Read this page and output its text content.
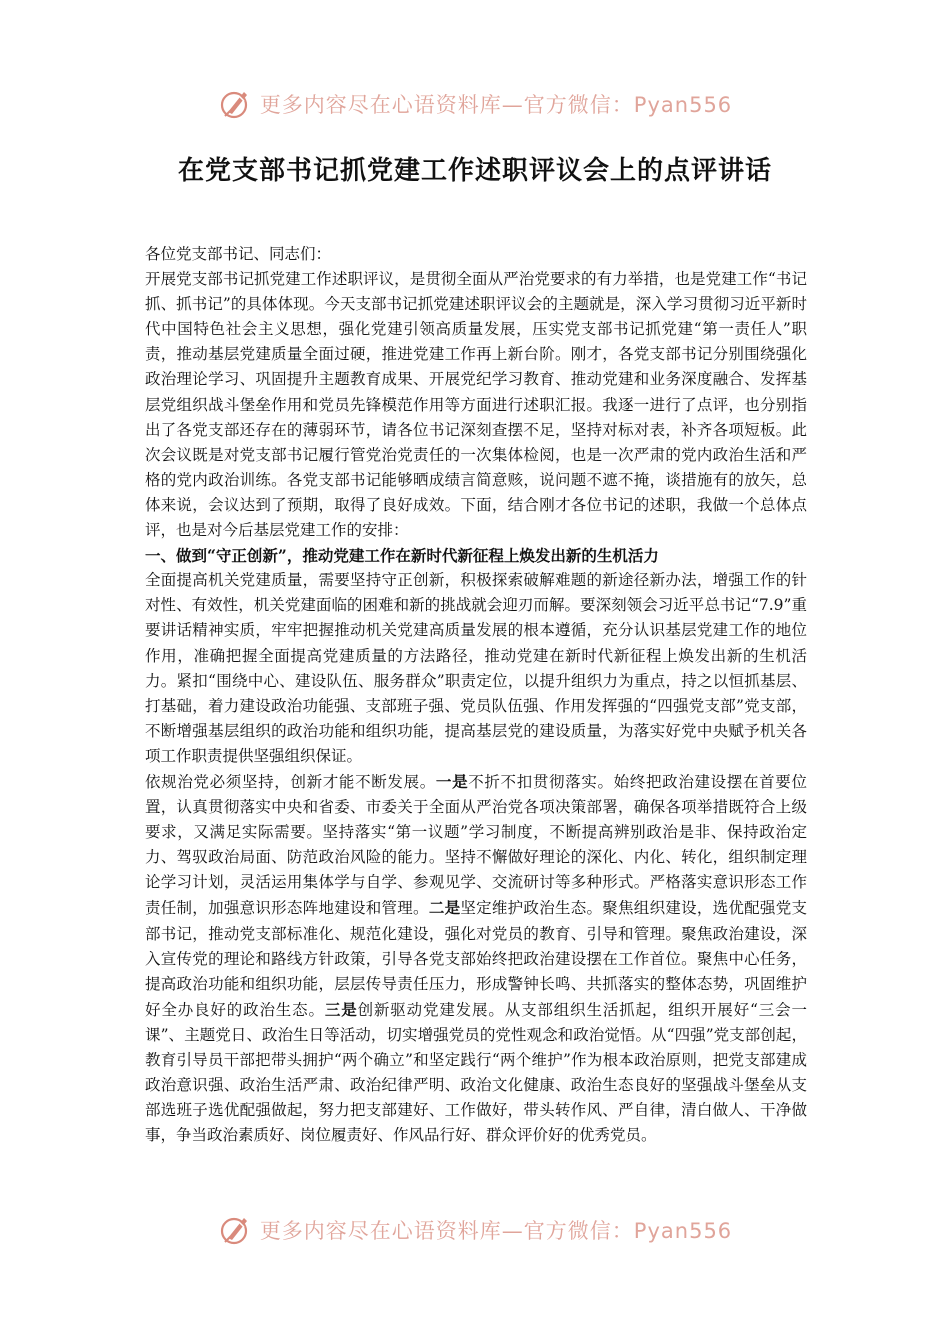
更多内容尽在心语资料库—官方微信：Pyan556
在党支部书记抓党建工作述职评议会上的点评讲话

各位党支部书记、同志们：

开展党支部书记抓党建工作述职评议，是贯彻全面从严治党要求的有力举措，也是党建工作“书记抓、抓书记”的具体体现。今天支部书记抓党建述职评议会的主题就是，深入学习贯彻习近平新时代中国特色社会主义思想，强化党建引领高质量发展，压实党支部书记抓党建“第一责任人”职责，推动基层党建质量全面过硬，推进党建工作再上新台阶。刚才，各党支部书记分别围绕强化政治理论学习、巩固提升主题教育成果、开展党纪学习教育、推动党建和业务深度融合、发挥基层党组织战斗堡垒作用和党员先锋模范作用等方面进行述职汇报。我逐一进行了点评，也分别指出了各党支部还存在的薄弱环节，请各位书记深刻查摆不足，坚持对标对表，补齐各项短板。此次会议既是对党支部书记履行管党治党责任的一次集体检阅，也是一次严肃的党内政治生活和严格的党内政治训练。各党支部书记能够晒成绩言简意赅，说问题不遮不掩，谈措施有的放矢，总体来说，会议达到了预期，取得了良好成效。下面，结合刚才各位书记的述职，我做一个总体点评，也是对今后基层党建工作的安排：

一、做到“守正创新”，推动党建工作在新时代新征程上焕发出新的生机活力

全面提高机关党建质量，需要坚持守正创新，积极探索破解难题的新途径新办法，增强工作的针对性、有效性，机关党建面临的困难和新的挑战就会迎刃而解。要深刻领会习近平总书记“7.9”重要讲话精神实质，牢牢把握推动机关党建高质量发展的根本遵循，充分认识基层党建工作的地位作用，准确把握全面提高党建质量的方法路径，推动党建在新时代新征程上焕发出新的生机活力。紧扣“围绕中心、建设队伍、服务群众”职责定位，以提升组织力为重点，持之以恒抓基层、打基础，着力建设政治功能强、支部班子强、党员队伍强、作用发挥强的“四强党支部”党支部，不断增强基层组织的政治功能和组织功能，提高基层党的建设质量，为落实好党中央赋予机关各项工作职责提供坚强组织保证。

依规治党必须坚持，创新才能不断发展。一是不折不扣贯彻落实。始终把政治建设摆在首要位置，认真贯彻落实中央和省委、市委关于全面从严治党各项决策部署，确保各项举措既符合上级要求，又满足实际需要。坚持落实“第一议题”学习制度，不断提高辨别政治是非、保持政治定力、驾驭政治局面、防范政治风险的能力。坚持不懈做好理论的深化、内化、转化，组织制定理论学习计划，灵活运用集体学与自学、参观见学、交流研讨等多种形式。严格落实意识形态工作责任制，加强意识形态阵地建设和管理。二是坚定维护政治生态。聚焦组织建设，选优配强党支部书记，推动党支部标准化、规范化建设，强化对党员的教育、引导和管理。聚焦政治建设，深入宣传党的理论和路线方针政策，引导各党支部始终把政治建设摆在工作首位。聚焦中心任务，提高政治功能和组织功能，层层传导责任压力，形成警钟长鸣、共抓落实的整体态势，巩固维护好全办良好的政治生态。三是创新驱动党建发展。从支部组织生活抓起，组织开展好“三会一课”、主题党日、政治生日等活动，切实增强党员的党性观念和政治觉悟。从“四强”党支部创起，教育引导员干部把带头拥护“两个确立”和坚定践行“两个维护”作为根本政治原则，把党支部建成政治意识强、政治生活严肃、政治纪律严明、政治文化健康、政治生态良好的坚强战斗堡垒从支部选班子选优配强做起，努力把支部建好、工作做好，带头转作风、严自律，清白做人、干净做事，争当政治素质好、岗位履责好、作风品行好、群众评价好的优秀党员。

更多内容尽在心语资料库—官方微信：Pyan556
